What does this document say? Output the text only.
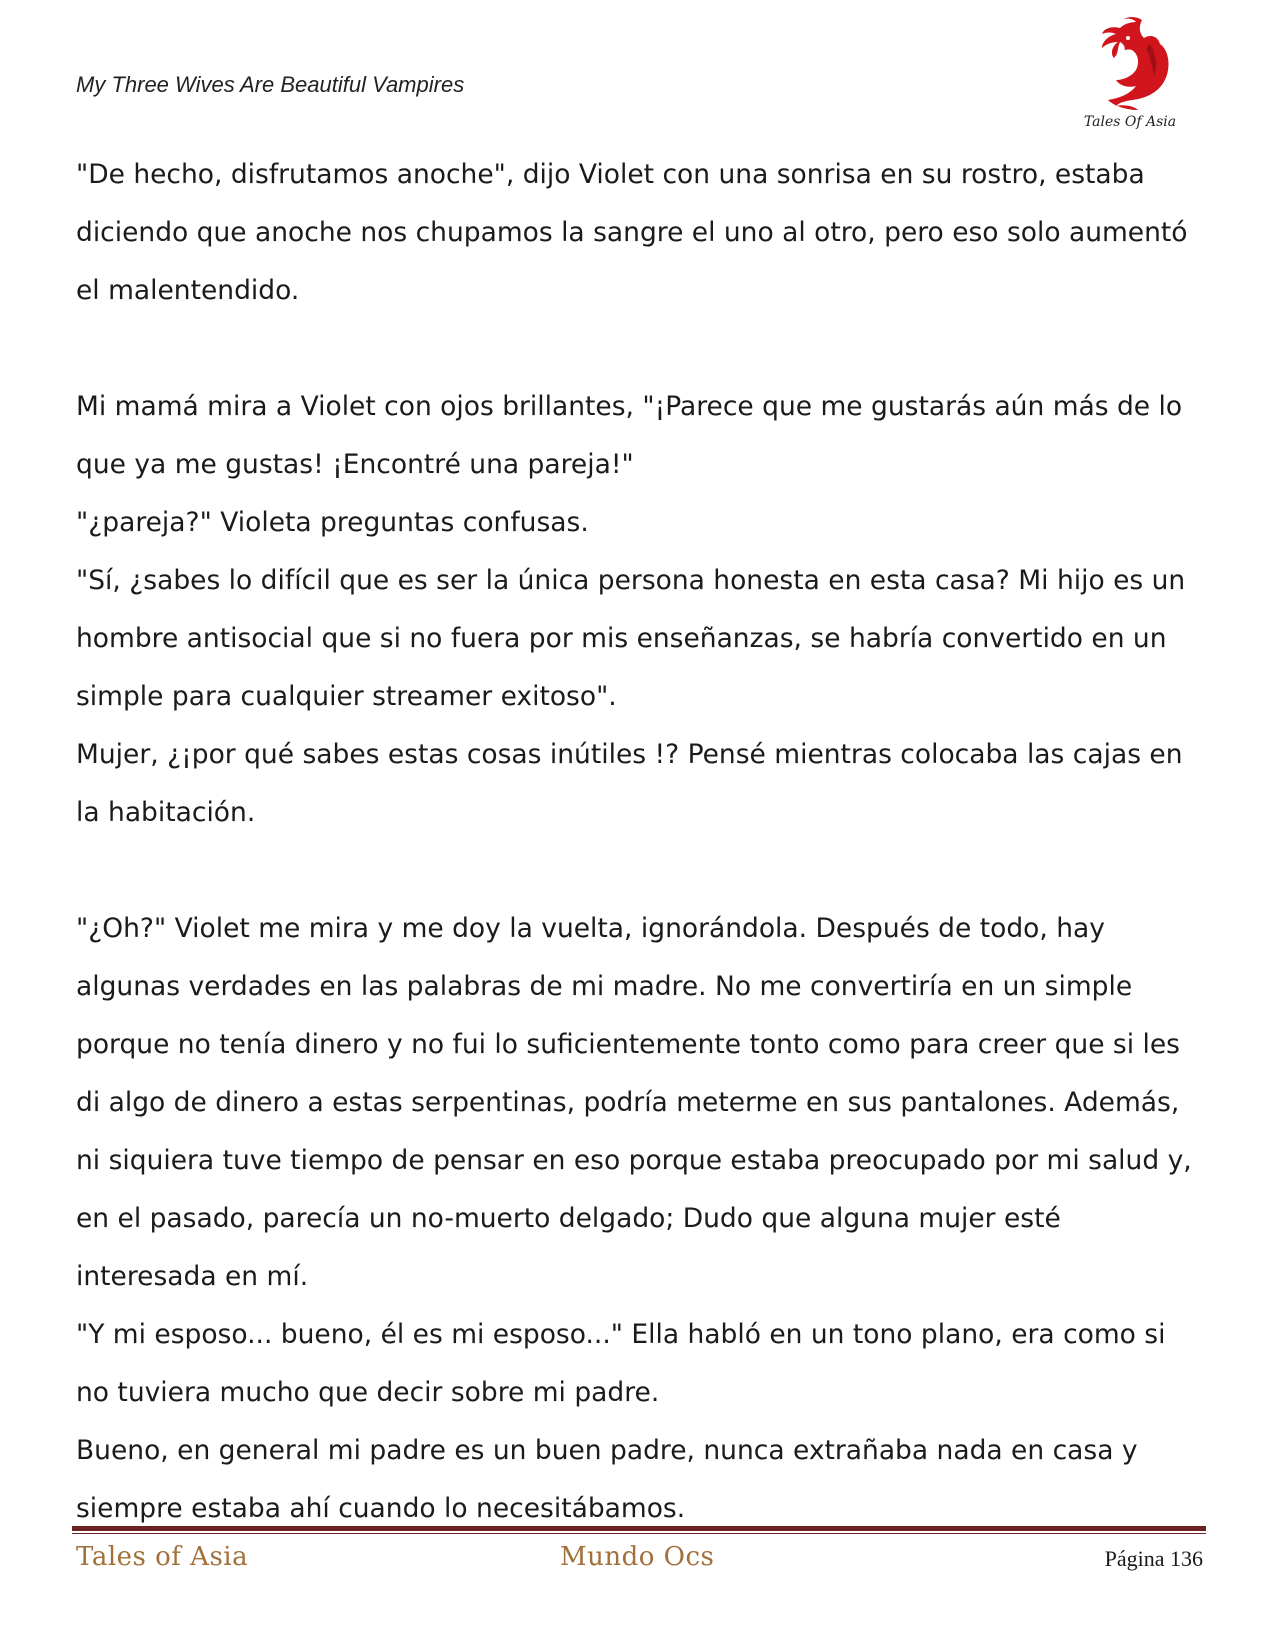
My Three Wives Are Beautiful Vampires
Tales Of Asia

"De hecho, disfrutamos anoche", dijo Violet con una sonrisa en su rostro, estaba diciendo que anoche nos chupamos la sangre el uno al otro, pero eso solo aumentó el malentendido.

Mi mamá mira a Violet con ojos brillantes, "¡Parece que me gustarás aún más de lo que ya me gustas! ¡Encontré una pareja!"

"¿pareja?" Violeta preguntas confusas.

"Sí, ¿sabes lo difícil que es ser la única persona honesta en esta casa? Mi hijo es un hombre antisocial que si no fuera por mis enseñanzas, se habría convertido en un simple para cualquier streamer exitoso".

Mujer, ¿¡por qué sabes estas cosas inútiles !? Pensé mientras colocaba las cajas en la habitación.

"¿Oh?" Violet me mira y me doy la vuelta, ignorándola. Después de todo, hay algunas verdades en las palabras de mi madre. No me convertiría en un simple porque no tenía dinero y no fui lo suficientemente tonto como para creer que si les di algo de dinero a estas serpentinas, podría meterme en sus pantalones. Además, ni siquiera tuve tiempo de pensar en eso porque estaba preocupado por mi salud y, en el pasado, parecía un no-muerto delgado; Dudo que alguna mujer esté interesada en mí.

"Y mi esposo... bueno, él es mi esposo..." Ella habló en un tono plano, era como si no tuviera mucho que decir sobre mi padre.

Bueno, en general mi padre es un buen padre, nunca extrañaba nada en casa y siempre estaba ahí cuando lo necesitábamos.

Tales of Asia	Mundo Ocs	Página 136
